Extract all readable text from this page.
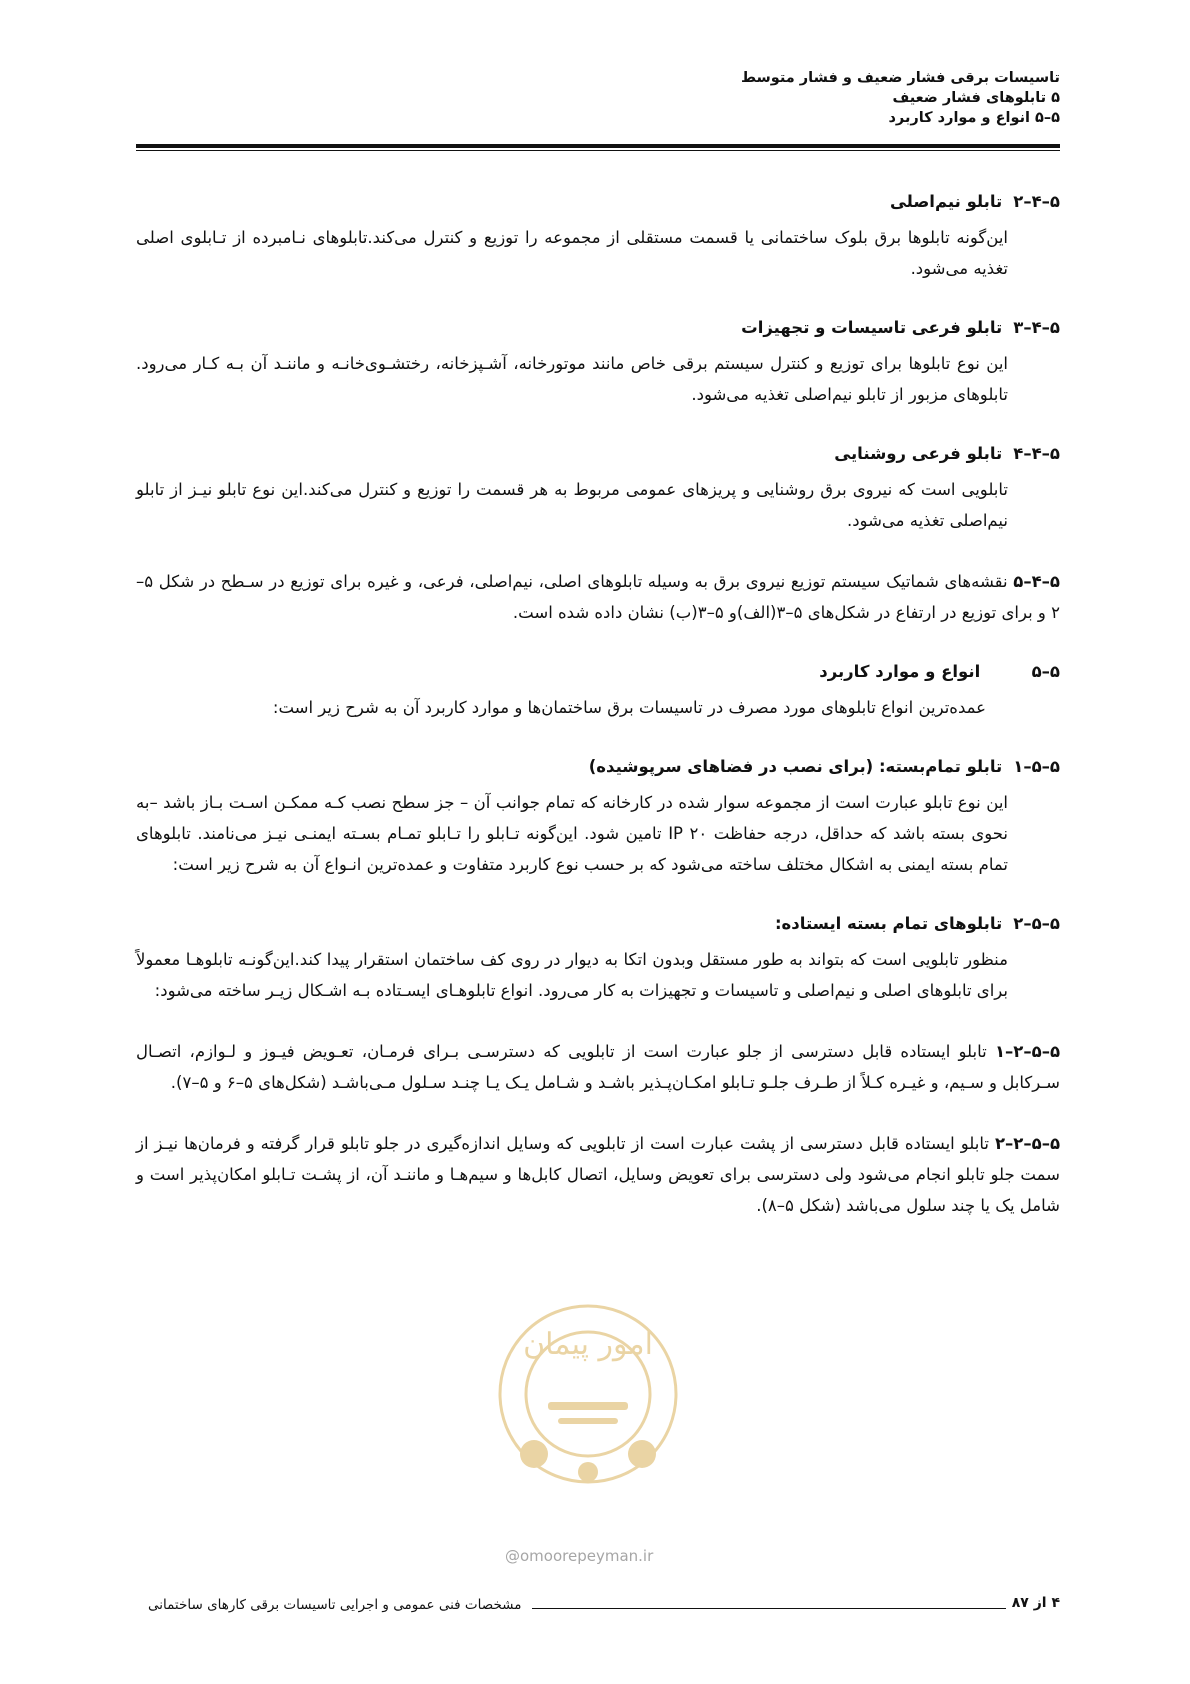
تاسیسات برقی فشار ضعیف و فشار متوسط
۵ تابلوهای فشار ضعیف
۵–۵ انواع و موارد کاربرد
۵–۴–۲ تابلو نیم‌اصلی
این‌گونه تابلوها برق بلوک ساختمانی یا قسمت مستقلی از مجموعه را توزیع و کنترل می‌کند.تابلوهای نـامبرده از تـابلوی اصلی تغذیه می‌شود.
۵–۴–۳ تابلو فرعی تاسیسات و تجهیزات
این نوع تابلوها برای توزیع و کنترل سیستم برقی خاص مانند موتورخانه، آشـپزخانه، رختشـوی‌خانـه و ماننـد آن بـه کـار می‌رود. تابلوهای مزبور از تابلو نیم‌اصلی تغذیه می‌شود.
۵–۴–۴ تابلو فرعی روشنایی
تابلویی است که نیروی برق روشنایی و پریزهای عمومی مربوط به هر قسمت را توزیع و کنترل می‌کند.این نوع تابلو نیـز از تابلو نیم‌اصلی تغذیه می‌شود.
۵–۴–۵ نقشه‌های شماتیک سیستم توزیع نیروی برق به وسیله تابلوهای اصلی، نیم‌اصلی، فرعی، و غیره برای توزیع در سـطح در شکل ۵–۲ و برای توزیع در ارتفاع در شکل‌های ۵–۳(الف)و ۵–۳(ب) نشان داده شده است.
۵–۵ انواع و موارد کاربرد
عمده‌ترین انواع تابلوهای مورد مصرف در تاسیسات برق ساختمان‌ها و موارد کاربرد آن به شرح زیر است:
۵–۵–۱ تابلو تمام‌بسته: (برای نصب در فضاهای سرپوشیده)
این نوع تابلو عبارت است از مجموعه سوار شده در کارخانه که تمام جوانب آن – جز سطح نصب کـه ممکـن اسـت بـاز باشد –به نحوی بسته باشد که حداقل، درجه حفاظت IP ۲۰ تامین شود. این‌گونه تـابلو را تـابلو تمـام بسـته ایمنـی نیـز می‌نامند. تابلوهای تمام بسته ایمنی به اشکال مختلف ساخته می‌شود که بر حسب نوع کاربرد متفاوت و عمده‌ترین انـواع آن به شرح زیر است:
۵–۵–۲ تابلوهای تمام بسته ایستاده:
منظور تابلویی است که بتواند به طور مستقل وبدون اتکا به دیوار در روی کف ساختمان استقرار پیدا کند.این‌گونـه تابلوهـا معمولاً برای تابلوهای اصلی و نیم‌اصلی و تاسیسات و تجهیزات به کار می‌رود. انواع تابلوهـای ایسـتاده بـه اشـکال زیـر ساخته می‌شود:
۵–۵–۲–۱ تابلو ایستاده قابل دسترسی از جلو عبارت است از تابلویی که دسترسـی بـرای فرمـان، تعـویض فیـوز و لـوازم، اتصـال سـرکابل و سـیم، و غیـره کـلاً از طـرف جلـو تـابلو امکـان‌پـذیر باشـد و شـامل یـک یـا چنـد سـلول مـی‌باشـد (شکل‌های ۵–۶ و ۵–۷).
۵–۵–۲–۲ تابلو ایستاده قابل دسترسی از پشت عبارت است از تابلویی که وسایل اندازه‌گیری در جلو تابلو قرار گرفته و فرمان‌ها نیـز از سمت جلو تابلو انجام می‌شود ولی دسترسی برای تعویض وسایل، اتصال کابل‌ها و سیم‌هـا و ماننـد آن، از پشـت تـابلو امکان‌پذیر است و شامل یک یا چند سلول می‌باشد (شکل ۵–۸).
امور پیمان
@omoorepeyman.ir
۴ از ۸۷
مشخصات فنی عمومی و اجرایی تاسیسات برقی کارهای ساختمانی
